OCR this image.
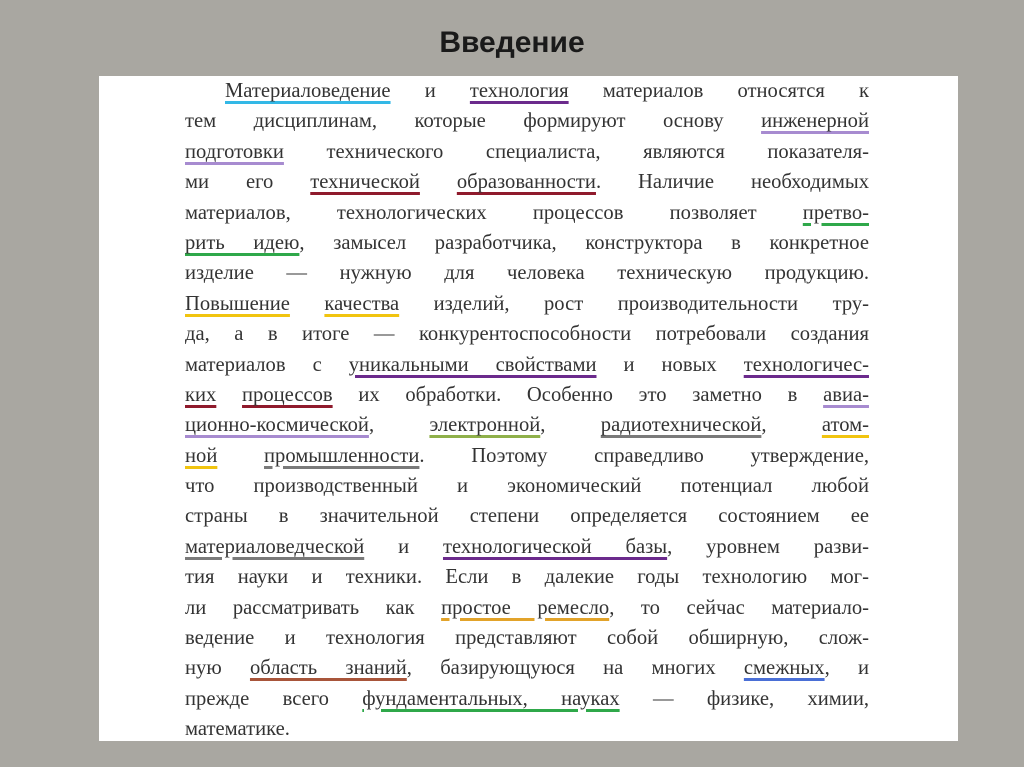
Введение
Материаловедение и технология материалов относятся к
тем дисциплинам, которые формируют основу инженерной
подготовки технического специалиста, являются показателя-
ми его технической образованности. Наличие необходимых
материалов, технологических процессов позволяет претво-
рить идею, замысел разработчика, конструктора в конкретное
изделие — нужную для человека техническую продукцию.
Повышение качества изделий, рост производительности тру-
да, а в итоге — конкурентоспособности потребовали создания
материалов с уникальными свойствами и новых технологичес-
ких процессов их обработки. Особенно это заметно в авиа-
ционно-космической, электронной, радиотехнической, атом-
ной промышленности. Поэтому справедливо утверждение,
что производственный и экономический потенциал любой
страны в значительной степени определяется состоянием ее
материаловедческой и технологической базы, уровнем разви-
тия науки и техники. Если в далекие годы технологию мог-
ли рассматривать как простое ремесло, то сейчас материало-
ведение и технология представляют собой обширную, слож-
ную область знаний, базирующуюся на многих смежных, и
прежде всего фундаментальных, науках — физике, химии,
математике.
